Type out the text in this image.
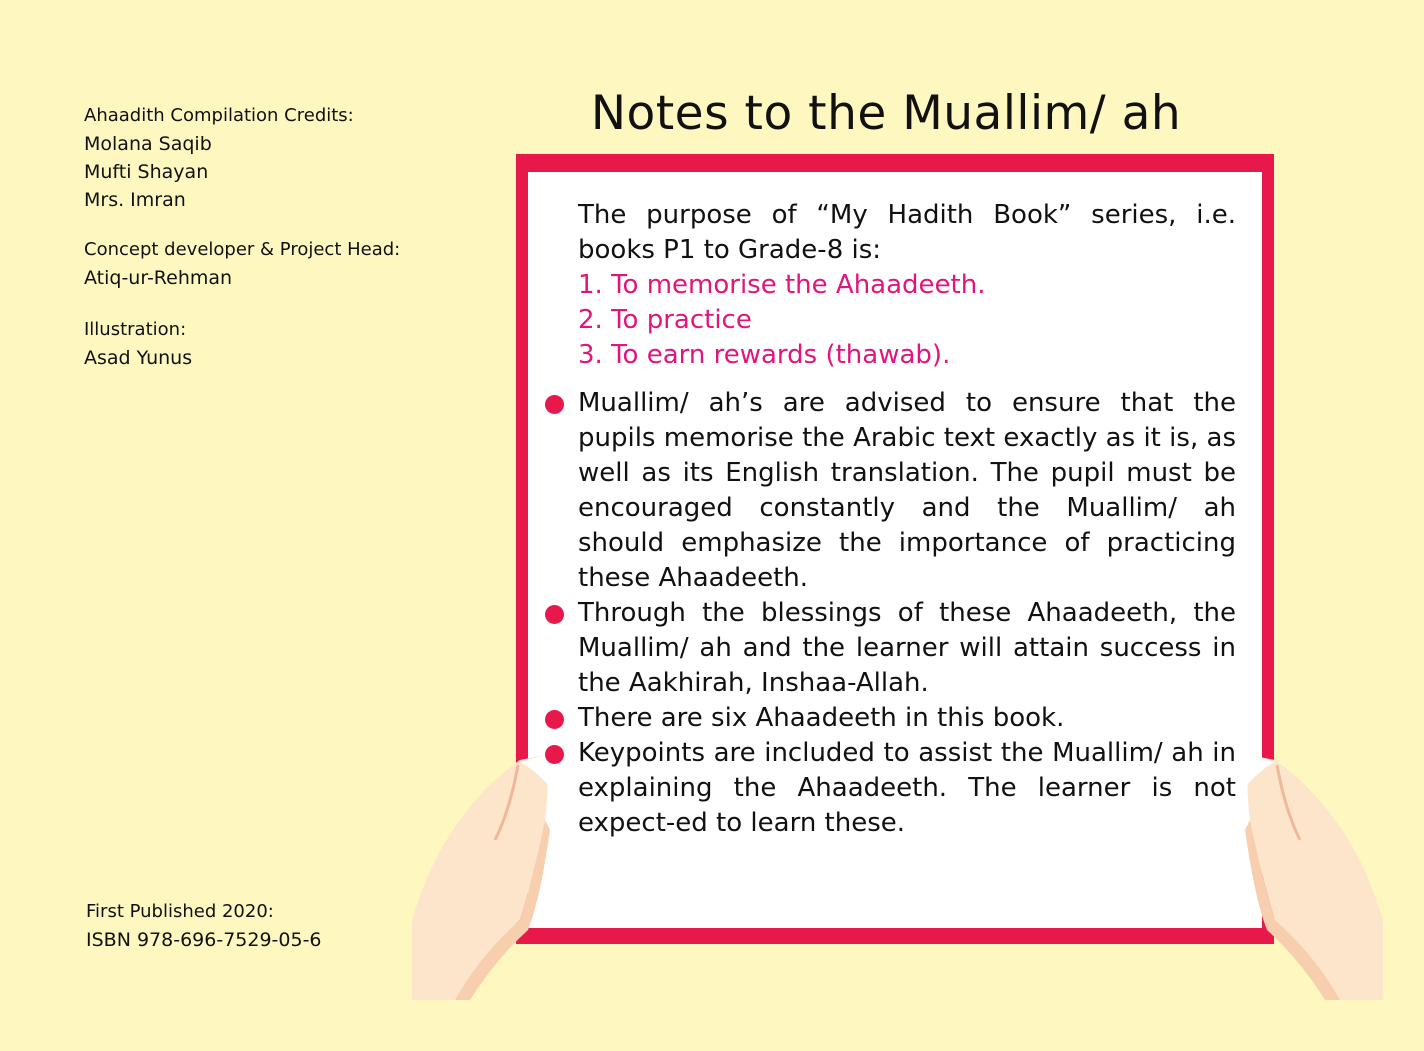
Ahaadith Compilation Credits:
Molana Saqib
Mufti Shayan
Mrs. Imran
Concept developer & Project Head:
Atiq-ur-Rehman
Illustration:
Asad Yunus
First Published 2020:
ISBN 978-696-7529-05-6
Notes to the Muallim/ ah

The purpose of “My Hadith Book” series, i.e. books P1 to Grade-8 is:

1. To memorise the Ahaadeeth.

2. To practice

3. To earn rewards (thawab).

Muallim/ ah’s are advised to ensure that the pupils memorise the Arabic text exactly as it is, as well as its English translation. The pupil must be encouraged constantly and the Muallim/ ah should emphasize the importance of practicing these Ahaadeeth.
Through the blessings of these Ahaadeeth, the Muallim/ ah and the learner will attain success in the Aakhirah, Inshaa-Allah.
There are six Ahaadeeth in this book.
Keypoints are included to assist the Muallim/ ah in explaining the Ahaadeeth. The learner is not expect-ed to learn these.
